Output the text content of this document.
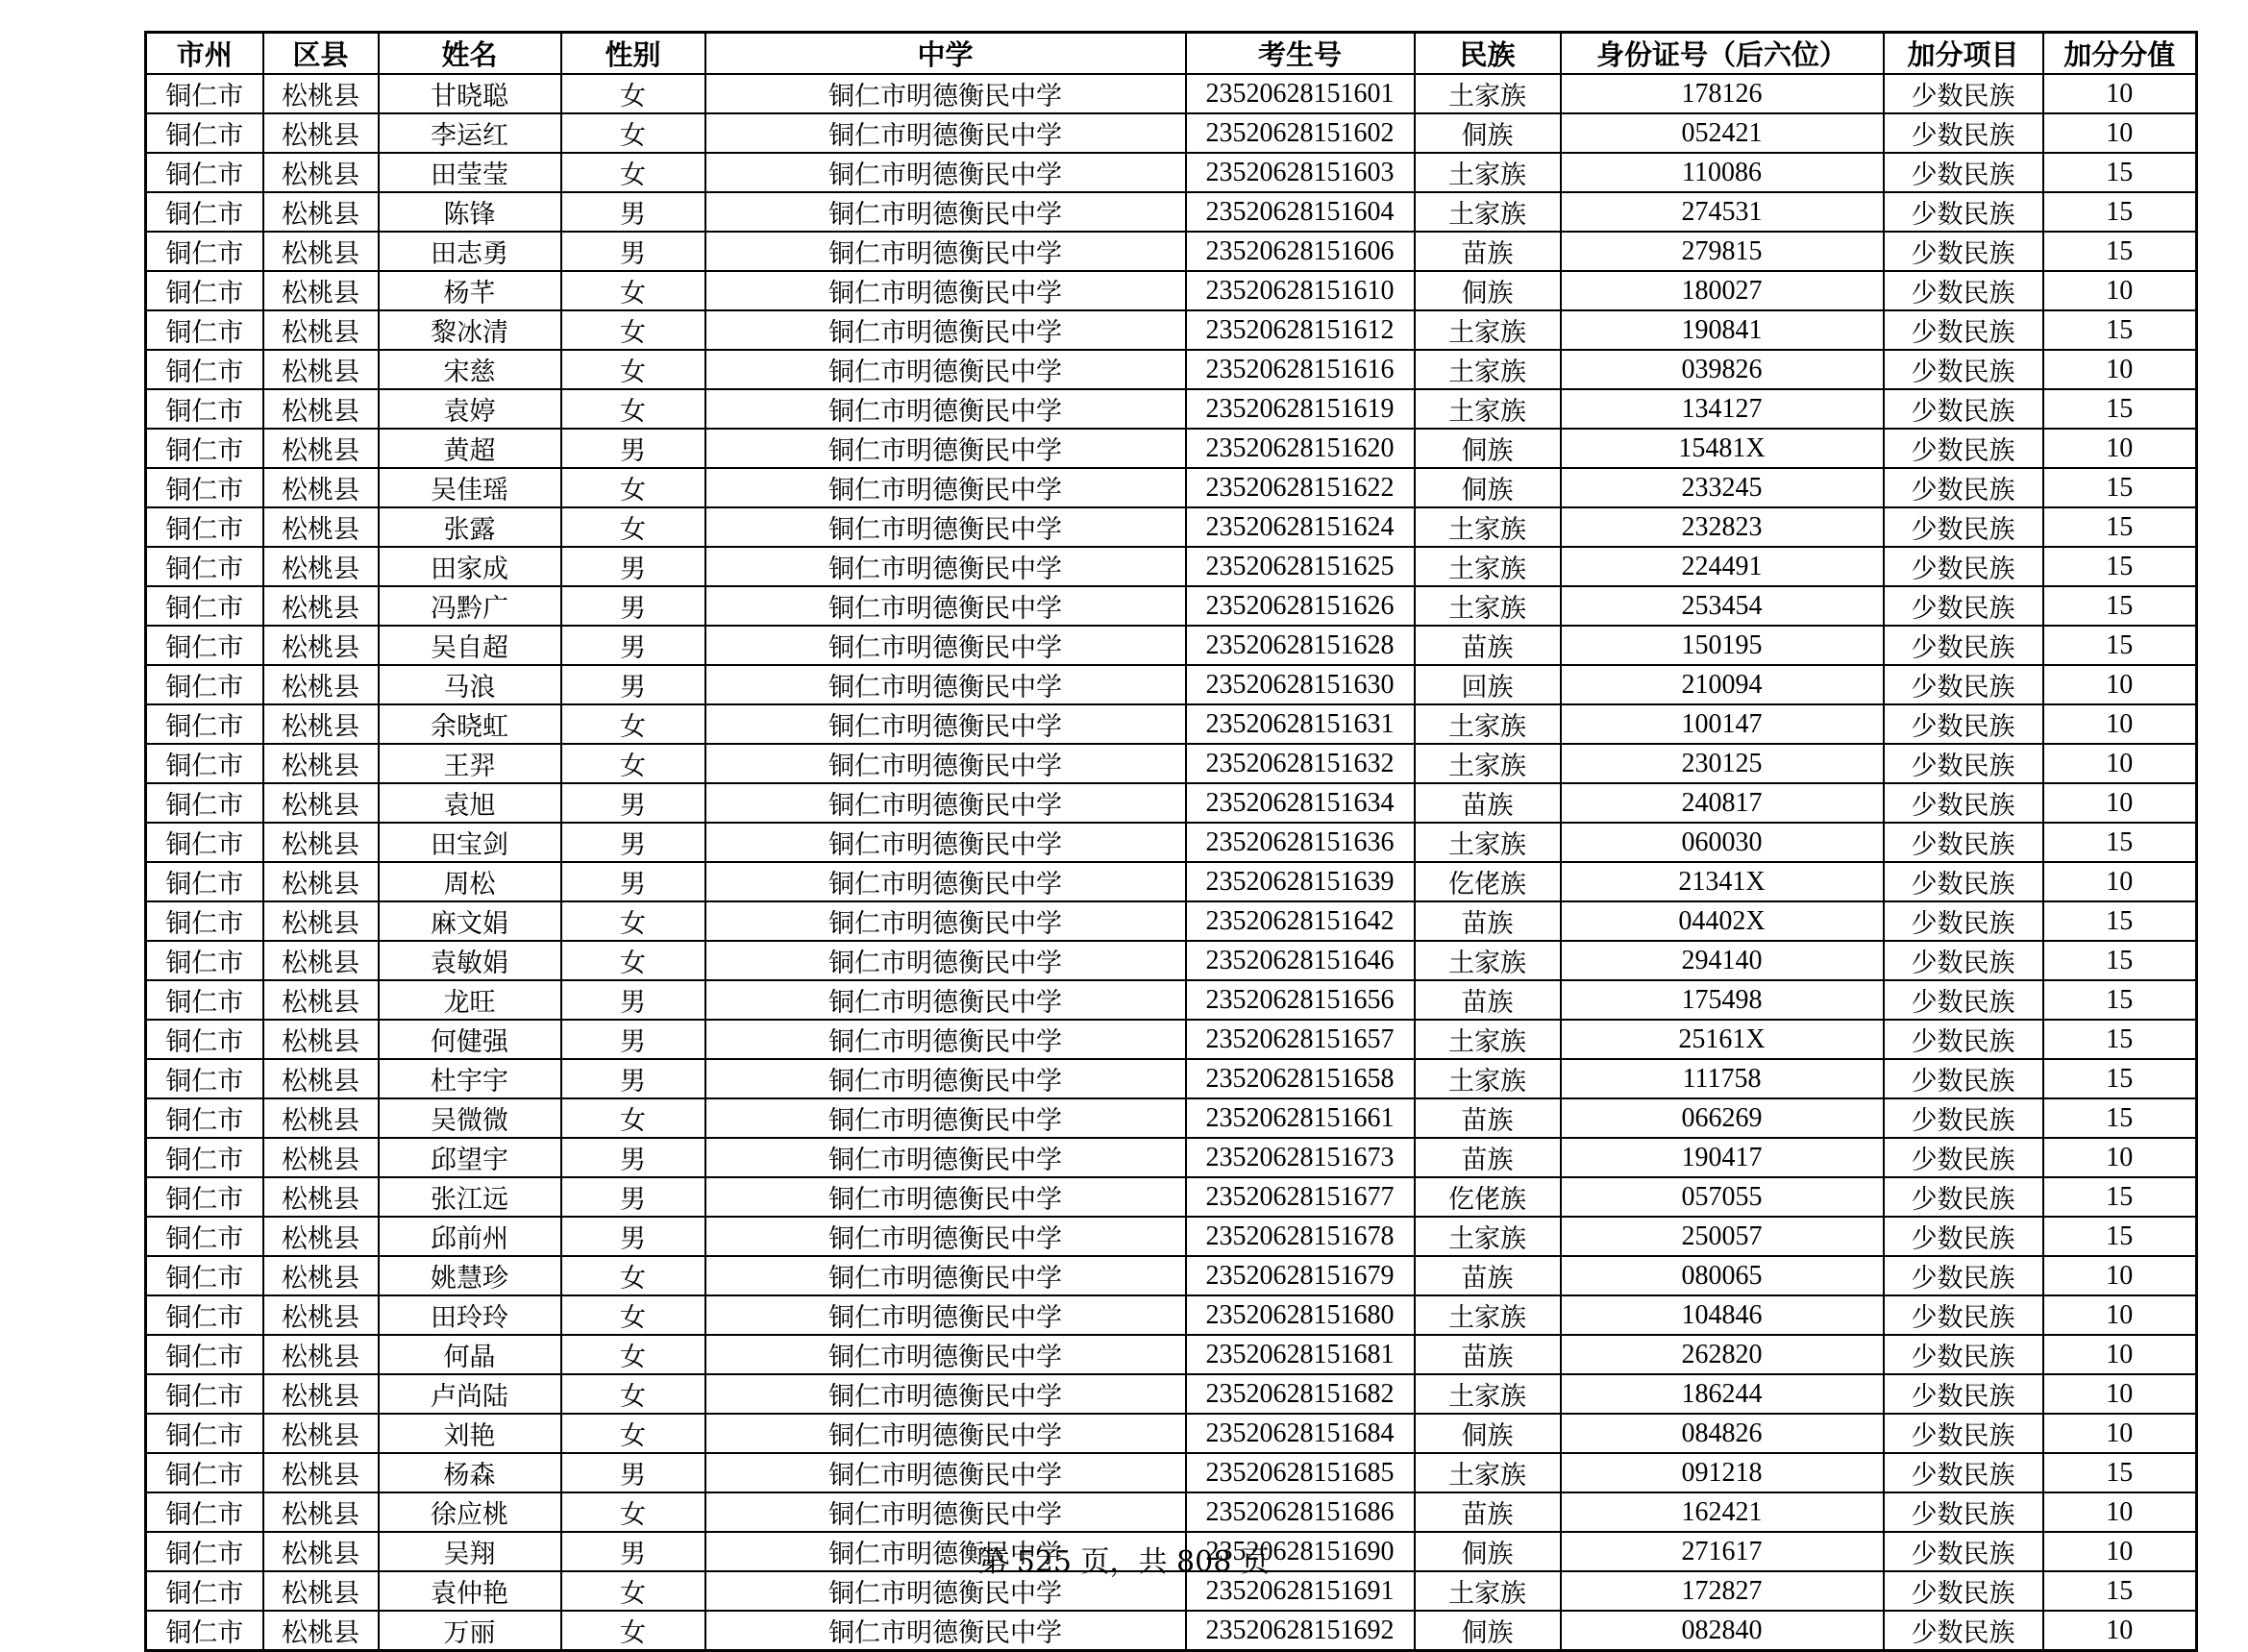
市州	区县	姓名	性别	中学	考生号	民族	身份证号（后六位）	加分项目	加分分值
铜仁市	松桃县	甘晓聪	女	铜仁市明德衡民中学	23520628151601	土家族	178126	少数民族	10
铜仁市	松桃县	李运红	女	铜仁市明德衡民中学	23520628151602	侗族	052421	少数民族	10
铜仁市	松桃县	田莹莹	女	铜仁市明德衡民中学	23520628151603	土家族	110086	少数民族	15
铜仁市	松桃县	陈锋	男	铜仁市明德衡民中学	23520628151604	土家族	274531	少数民族	15
铜仁市	松桃县	田志勇	男	铜仁市明德衡民中学	23520628151606	苗族	279815	少数民族	15
铜仁市	松桃县	杨芊	女	铜仁市明德衡民中学	23520628151610	侗族	180027	少数民族	10
铜仁市	松桃县	黎冰清	女	铜仁市明德衡民中学	23520628151612	土家族	190841	少数民族	15
铜仁市	松桃县	宋慈	女	铜仁市明德衡民中学	23520628151616	土家族	039826	少数民族	10
铜仁市	松桃县	袁婷	女	铜仁市明德衡民中学	23520628151619	土家族	134127	少数民族	15
铜仁市	松桃县	黄超	男	铜仁市明德衡民中学	23520628151620	侗族	15481X	少数民族	10
铜仁市	松桃县	吴佳瑶	女	铜仁市明德衡民中学	23520628151622	侗族	233245	少数民族	15
铜仁市	松桃县	张露	女	铜仁市明德衡民中学	23520628151624	土家族	232823	少数民族	15
铜仁市	松桃县	田家成	男	铜仁市明德衡民中学	23520628151625	土家族	224491	少数民族	15
铜仁市	松桃县	冯黔广	男	铜仁市明德衡民中学	23520628151626	土家族	253454	少数民族	15
铜仁市	松桃县	吴自超	男	铜仁市明德衡民中学	23520628151628	苗族	150195	少数民族	15
铜仁市	松桃县	马浪	男	铜仁市明德衡民中学	23520628151630	回族	210094	少数民族	10
铜仁市	松桃县	余晓虹	女	铜仁市明德衡民中学	23520628151631	土家族	100147	少数民族	10
铜仁市	松桃县	王羿	女	铜仁市明德衡民中学	23520628151632	土家族	230125	少数民族	10
铜仁市	松桃县	袁旭	男	铜仁市明德衡民中学	23520628151634	苗族	240817	少数民族	10
铜仁市	松桃县	田宝剑	男	铜仁市明德衡民中学	23520628151636	土家族	060030	少数民族	15
铜仁市	松桃县	周松	男	铜仁市明德衡民中学	23520628151639	仡佬族	21341X	少数民族	10
铜仁市	松桃县	麻文娟	女	铜仁市明德衡民中学	23520628151642	苗族	04402X	少数民族	15
铜仁市	松桃县	袁敏娟	女	铜仁市明德衡民中学	23520628151646	土家族	294140	少数民族	15
铜仁市	松桃县	龙旺	男	铜仁市明德衡民中学	23520628151656	苗族	175498	少数民族	15
铜仁市	松桃县	何健强	男	铜仁市明德衡民中学	23520628151657	土家族	25161X	少数民族	15
铜仁市	松桃县	杜宇宇	男	铜仁市明德衡民中学	23520628151658	土家族	111758	少数民族	15
铜仁市	松桃县	吴微微	女	铜仁市明德衡民中学	23520628151661	苗族	066269	少数民族	15
铜仁市	松桃县	邱望宇	男	铜仁市明德衡民中学	23520628151673	苗族	190417	少数民族	10
铜仁市	松桃县	张江远	男	铜仁市明德衡民中学	23520628151677	仡佬族	057055	少数民族	15
铜仁市	松桃县	邱前州	男	铜仁市明德衡民中学	23520628151678	土家族	250057	少数民族	15
铜仁市	松桃县	姚慧珍	女	铜仁市明德衡民中学	23520628151679	苗族	080065	少数民族	10
铜仁市	松桃县	田玲玲	女	铜仁市明德衡民中学	23520628151680	土家族	104846	少数民族	10
铜仁市	松桃县	何晶	女	铜仁市明德衡民中学	23520628151681	苗族	262820	少数民族	10
铜仁市	松桃县	卢尚陆	女	铜仁市明德衡民中学	23520628151682	土家族	186244	少数民族	10
铜仁市	松桃县	刘艳	女	铜仁市明德衡民中学	23520628151684	侗族	084826	少数民族	10
铜仁市	松桃县	杨森	男	铜仁市明德衡民中学	23520628151685	土家族	091218	少数民族	15
铜仁市	松桃县	徐应桃	女	铜仁市明德衡民中学	23520628151686	苗族	162421	少数民族	10
铜仁市	松桃县	吴翔	男	铜仁市明德衡民中学	23520628151690	侗族	271617	少数民族	10
铜仁市	松桃县	袁仲艳	女	铜仁市明德衡民中学	23520628151691	土家族	172827	少数民族	15
铜仁市	松桃县	万丽	女	铜仁市明德衡民中学	23520628151692	侗族	082840	少数民族	10
第 525 页，共 808 页
